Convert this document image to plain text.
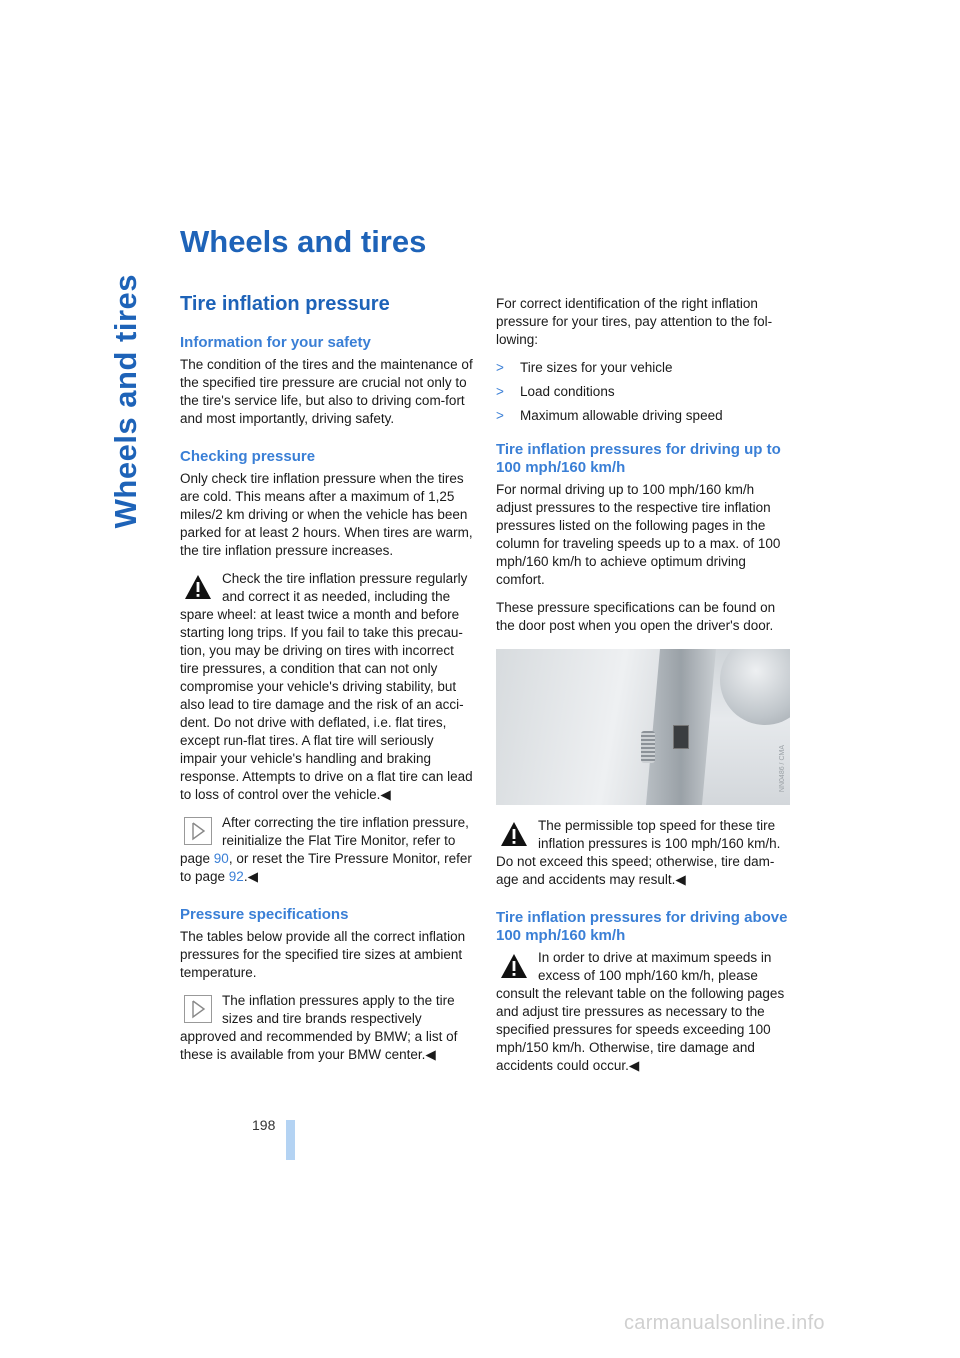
Wheels and tires
Wheels and tires
Tire inflation pressure
Information for your safety

The condition of the tires and the maintenance of the specified tire pressure are crucial not only to the tire's service life, but also to driving com-fort and most importantly, driving safety.

Checking pressure

Only check tire inflation pressure when the tires are cold. This means after a maximum of 1,25 miles/2 km driving or when the vehicle has been parked for at least 2 hours. When tires are warm, the tire inflation pressure increases.

Check the tire inflation pressure regularly and correct it as needed, including the spare wheel: at least twice a month and before starting long trips. If you fail to take this precau-tion, you may be driving on tires with incorrect tire pressures, a condition that can not only compromise your vehicle's driving stability, but also lead to tire damage and the risk of an acci-dent. Do not drive with deflated, i.e. flat tires, except run-flat tires. A flat tire will seriously impair your vehicle's handling and braking response. Attempts to drive on a flat tire can lead to loss of control over the vehicle.◀

After correcting the tire inflation pressure, reinitialize the Flat Tire Monitor, refer to page 90, or reset the Tire Pressure Monitor, refer to page 92.◀

Pressure specifications

The tables below provide all the correct inflation pressures for the specified tire sizes at ambient temperature.

The inflation pressures apply to the tire sizes and tire brands respectively approved and recommended by BMW; a list of these is available from your BMW center.◀

For correct identification of the right inflation pressure for your tires, pay attention to the fol-lowing:

>	Tire sizes for your vehicle
>	Load conditions
>	Maximum allowable driving speed
Tire inflation pressures for driving up to 100 mph/160 km/h

For normal driving up to 100 mph/160 km/h adjust pressures to the respective tire inflation pressures listed on the following pages in the column for traveling speeds up to a max. of 100 mph/160 km/h to achieve optimum driving comfort.

These pressure specifications can be found on the door post when you open the driver's door.

NN0486 / CMA

The permissible top speed for these tire inflation pressures is 100 mph/160 km/h. Do not exceed this speed; otherwise, tire dam-age and accidents may result.◀

Tire inflation pressures for driving above 100 mph/160 km/h

In order to drive at maximum speeds in excess of 100 mph/160 km/h, please consult the relevant table on the following pages and adjust tire pressures as necessary to the specified pressures for speeds exceeding 100 mph/150 km/h. Otherwise, tire damage and accidents could occur.◀

198
carmanualsonline.info
